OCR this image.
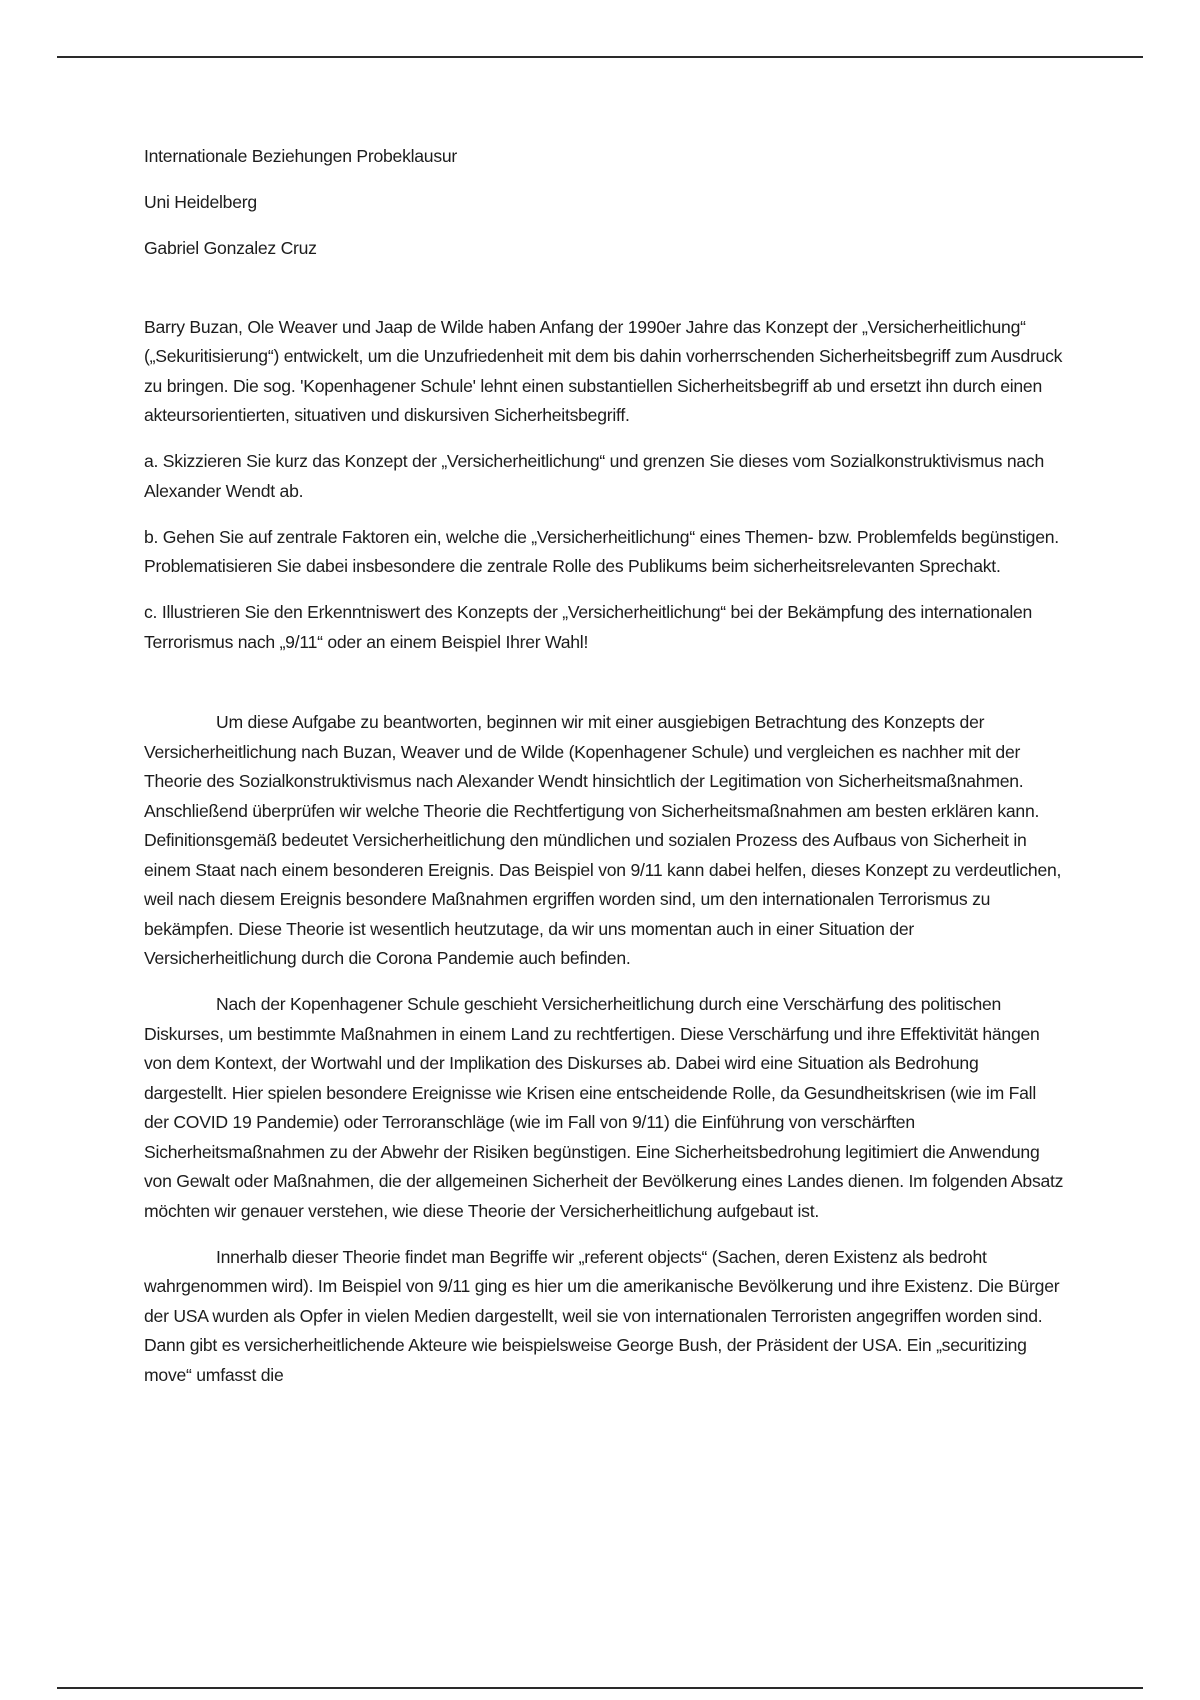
Internationale Beziehungen Probeklausur
Uni Heidelberg
Gabriel Gonzalez Cruz

Barry Buzan, Ole Weaver und Jaap de Wilde haben Anfang der 1990er Jahre das Konzept der „Versicherheitlichung“ („Sekuritisierung“) entwickelt, um die Unzufriedenheit mit dem bis dahin vorherrschenden Sicherheitsbegriff zum Ausdruck zu bringen. Die sog. 'Kopenhagener Schule' lehnt einen substantiellen Sicherheitsbegriff ab und ersetzt ihn durch einen akteursorientierten, situativen und diskursiven Sicherheitsbegriff.

a. Skizzieren Sie kurz das Konzept der „Versicherheitlichung“ und grenzen Sie dieses vom Sozialkonstruktivismus nach Alexander Wendt ab.

b. Gehen Sie auf zentrale Faktoren ein, welche die „Versicherheitlichung“ eines Themen- bzw. Problemfelds begünstigen. Problematisieren Sie dabei insbesondere die zentrale Rolle des Publikums beim sicherheitsrelevanten Sprechakt.

c. Illustrieren Sie den Erkenntniswert des Konzepts der „Versicherheitlichung“ bei der Bekämpfung des internationalen Terrorismus nach „9/11“ oder an einem Beispiel Ihrer Wahl!

Um diese Aufgabe zu beantworten, beginnen wir mit einer ausgiebigen Betrachtung des Konzepts der Versicherheitlichung nach Buzan, Weaver und de Wilde (Kopenhagener Schule) und vergleichen es nachher mit der Theorie des Sozialkonstruktivismus nach Alexander Wendt hinsichtlich der Legitimation von Sicherheitsmaßnahmen. Anschließend überprüfen wir welche Theorie die Rechtfertigung von Sicherheitsmaßnahmen am besten erklären kann. Definitionsgemäß bedeutet Versicherheitlichung den mündlichen und sozialen Prozess des Aufbaus von Sicherheit in einem Staat nach einem besonderen Ereignis. Das Beispiel von 9/11 kann dabei helfen, dieses Konzept zu verdeutlichen, weil nach diesem Ereignis besondere Maßnahmen ergriffen worden sind, um den internationalen Terrorismus zu bekämpfen. Diese Theorie ist wesentlich heutzutage, da wir uns momentan auch in einer Situation der Versicherheitlichung durch die Corona Pandemie auch befinden.

Nach der Kopenhagener Schule geschieht Versicherheitlichung durch eine Verschärfung des politischen Diskurses, um bestimmte Maßnahmen in einem Land zu rechtfertigen. Diese Verschärfung und ihre Effektivität hängen von dem Kontext, der Wortwahl und der Implikation des Diskurses ab. Dabei wird eine Situation als Bedrohung dargestellt. Hier spielen besondere Ereignisse wie Krisen eine entscheidende Rolle, da Gesundheitskrisen (wie im Fall der COVID 19 Pandemie) oder Terroranschläge (wie im Fall von 9/11) die Einführung von verschärften Sicherheitsmaßnahmen zu der Abwehr der Risiken begünstigen. Eine Sicherheitsbedrohung legitimiert die Anwendung von Gewalt oder Maßnahmen, die der allgemeinen Sicherheit der Bevölkerung eines Landes dienen. Im folgenden Absatz möchten wir genauer verstehen, wie diese Theorie der Versicherheitlichung aufgebaut ist.

Innerhalb dieser Theorie findet man Begriffe wir „referent objects“ (Sachen, deren Existenz als bedroht wahrgenommen wird). Im Beispiel von 9/11 ging es hier um die amerikanische Bevölkerung und ihre Existenz. Die Bürger der USA wurden als Opfer in vielen Medien dargestellt, weil sie von internationalen Terroristen angegriffen worden sind. Dann gibt es versicherheitlichende Akteure wie beispielsweise George Bush, der Präsident der USA. Ein „securitizing move“ umfasst die
